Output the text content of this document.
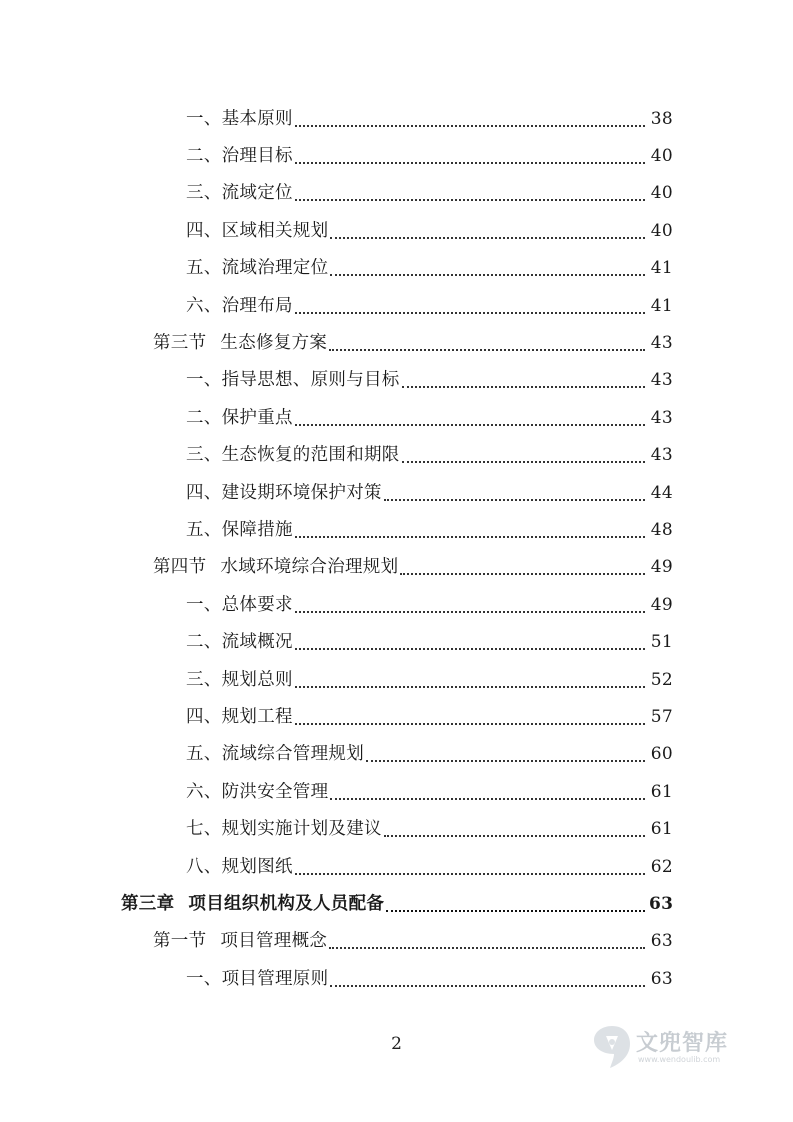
一、基本原则	38
二、治理目标	40
三、流域定位	40
四、区域相关规划	40
五、流域治理定位	41
六、治理布局	41
第三节 生态修复方案	43
一、指导思想、原则与目标	43
二、保护重点	43
三、生态恢复的范围和期限	43
四、建设期环境保护对策	44
五、保障措施	48
第四节 水域环境综合治理规划	49
一、总体要求	49
二、流域概况	51
三、规划总则	52
四、规划工程	57
五、流域综合管理规划	60
六、防洪安全管理	61
七、规划实施计划及建议	61
八、规划图纸	62
第三章 项目组织机构及人员配备	63
第一节 项目管理概念	63
一、项目管理原则	63
2	文兜智库
www.wendoulib.com
